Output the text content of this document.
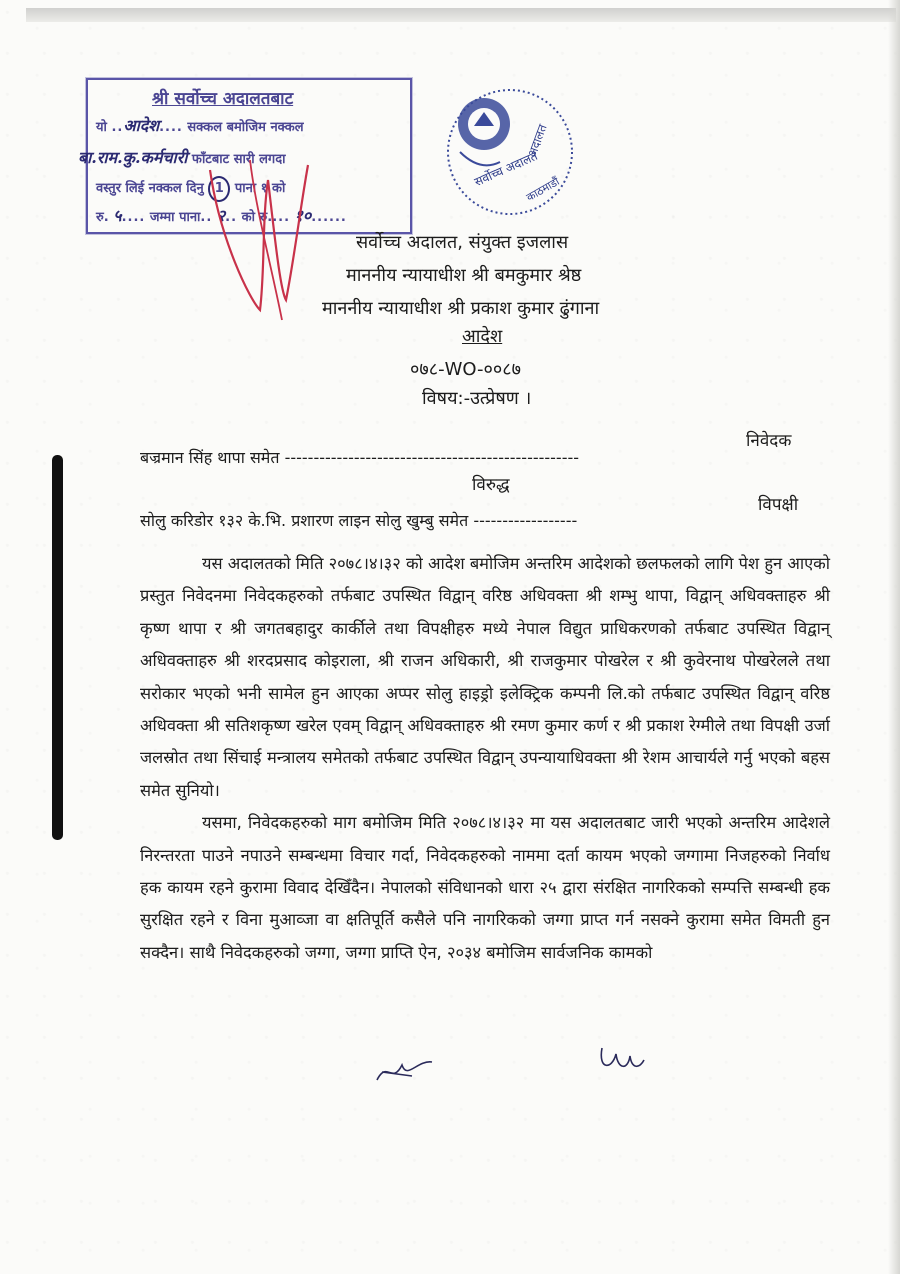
श्री सर्वोच्च अदालतबाट
यो ..आदेश.... सक्कल बमोजिम नक्कल
बा.राम.कु.कर्मचारी फाँटबाट सारी लगदा
वस्तुर लिई नक्कल दिनु 1 पाना १ को
रु. ५.... जम्मा पाना.. २.. को रु.... १०......
सर्वोच्च अदालत
अदालत
काठमाडौं
सर्वोच्च अदालत, संयुक्त इजलास
माननीय न्यायाधीश श्री बमकुमार श्रेष्ठ
माननीय न्यायाधीश श्री प्रकाश कुमार ढुंगाना
आदेश
०७८-WO-००८७
विषय:-उत्प्रेषण ।
बज्रमान सिंह थापा समेत ---------------------------------------------------
निवेदक
विरुद्ध
सोलु करिडोर १३२ के.भि. प्रशारण लाइन सोलु खुम्बु समेत ------------------
विपक्षी

यस अदालतको मिति २०७८।४।३२ को आदेश बमोजिम अन्तरिम आदेशको छलफलको लागि पेश हुन आएको प्रस्तुत निवेदनमा निवेदकहरुको तर्फबाट उपस्थित विद्वान् वरिष्ठ अधिवक्ता श्री शम्भु थापा, विद्वान् अधिवक्ताहरु श्री कृष्ण थापा र श्री जगतबहादुर कार्कीले तथा विपक्षीहरु मध्ये नेपाल विद्युत प्राधिकरणको तर्फबाट उपस्थित विद्वान् अधिवक्ताहरु श्री शरदप्रसाद कोइराला, श्री राजन अधिकारी, श्री राजकुमार पोखरेल र श्री कुवेरनाथ पोखरेलले तथा सरोकार भएको भनी सामेल हुन आएका अप्पर सोलु हाइड्रो इलेक्ट्रिक कम्पनी लि.को तर्फबाट उपस्थित विद्वान् वरिष्ठ अधिवक्ता श्री सतिशकृष्ण खरेल एवम् विद्वान् अधिवक्ताहरु श्री रमण कुमार कर्ण र श्री प्रकाश रेग्मीले तथा विपक्षी उर्जा जलस्रोत तथा सिंचाई मन्त्रालय समेतको तर्फबाट उपस्थित विद्वान् उपन्यायाधिवक्ता श्री रेशम आचार्यले गर्नु भएको बहस समेत सुनियो।

यसमा, निवेदकहरुको माग बमोजिम मिति २०७८।४।३२ मा यस अदालतबाट जारी भएको अन्तरिम आदेशले निरन्तरता पाउने नपाउने सम्बन्धमा विचार गर्दा, निवेदकहरुको नाममा दर्ता कायम भएको जग्गामा निजहरुको निर्वाध हक कायम रहने कुरामा विवाद देखिँदैन। नेपालको संविधानको धारा २५ द्वारा संरक्षित नागरिकको सम्पत्ति सम्बन्धी हक सुरक्षित रहने र विना मुआव्जा वा क्षतिपूर्ति कसैले पनि नागरिकको जग्गा प्राप्त गर्न नसक्ने कुरामा समेत विमती हुन सक्दैन। साथै निवेदकहरुको जग्गा, जग्गा प्राप्ति ऐन, २०३४ बमोजिम सार्वजनिक कामको
